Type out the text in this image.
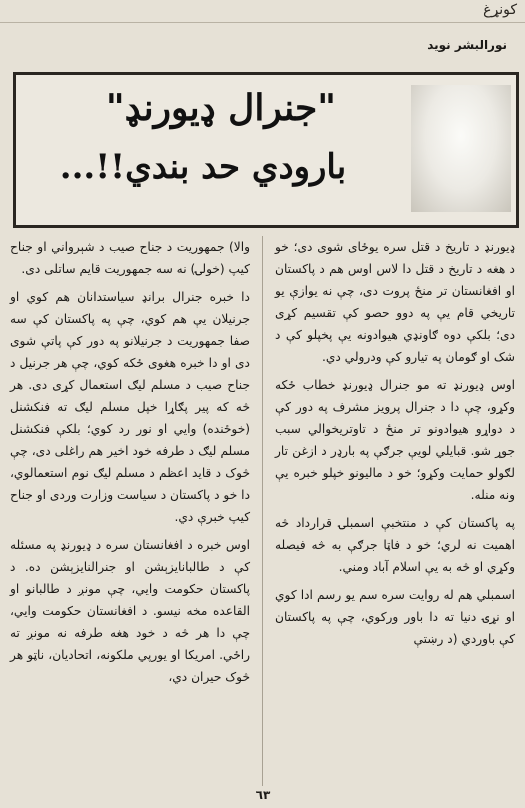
کونړغ
نورالبشر نوید
"جنرال ډیورنډ"
بارودي حد بندي!!...

ډیورنډ د تاریخ د قتل سره یوځای شوی دی؛ خو د هغه د تاریخ د قتل دا لاس اوس هم د پاکستان او افغانستان تر منځ پروت دی، چې نه یوازې یو تاریخي قام یې په دوو حصو کې تقسیم کړی دی؛ بلکې دوه ګاونډي هیوادونه یې پخپلو کې د شک او ګومان په تیارو کې ودرولي دي.

اوس ډیورنډ ته مو جنرال ډیورنډ خطاب ځکه وکړو، چې دا د جنرال پرویز مشرف په دور کې د دواړو هیوادونو تر منځ د تاوتریخوالي سبب جوړ شو. قبایلي لویې جرګې په بارډر د ازغن تار لګولو حمایت وکړو؛ خو د مالیونو خپلو خبره یې ونه منله.

په پاکستان کې د منتخبې اسمبلۍ قرارداد څه اهمیت نه لري؛ خو د فاټا جرګې به څه فیصله وکړي او څه به یې اسلام آباد ومني.

اسمبلي هم له روایت سره سم یو رسم ادا کوي او نړۍ دنیا ته دا باور ورکوي، چې په پاکستان کې باوردي (د رښتې

والا) جمهوریت د جناح صیب د شېرواني او جناح کیپ (خولۍ) نه سه جمهوریت قایم ساتلی دی.

دا خبره جنرال برانډ سیاستدانان هم کوي او جرنیلان یې هم کوي، چې په پاکستان کې سه صفا جمهوریت د جرنیلانو په دور کې پاتې شوی دی او دا خبره هغوی ځکه کوي، چې هر جرنیل د جناح صیب د مسلم لیګ استعمال کړی دی. هر څه که پیر پګاړا خپل مسلم لیګ ته فنکشنل (خوځنده) وایي او نور رد کوي؛ بلکې فنکشنل مسلم لیګ د طرفه خود اخیر هم راغلی دی، چې څوک د قاید اعظم د مسلم لیګ نوم استعمالوي، دا خو د پاکستان د سیاست وزارت وردی او جناح کیپ خبرې دي.

اوس خبره د افغانستان سره د ډیورنډ په مسئله کې د طالبانایزېشن او جنرالنایزېشن ده. د پاکستان حکومت وایي، چې مونږ د طالبانو او القاعده مخه نیسو. د افغانستان حکومت وایي، چې دا هر څه د خود هغه طرفه نه مونږ ته راځي. امریکا او یورپي ملکونه، اتحادیان، ناټو هر څوک حیران دي،

٦٣
